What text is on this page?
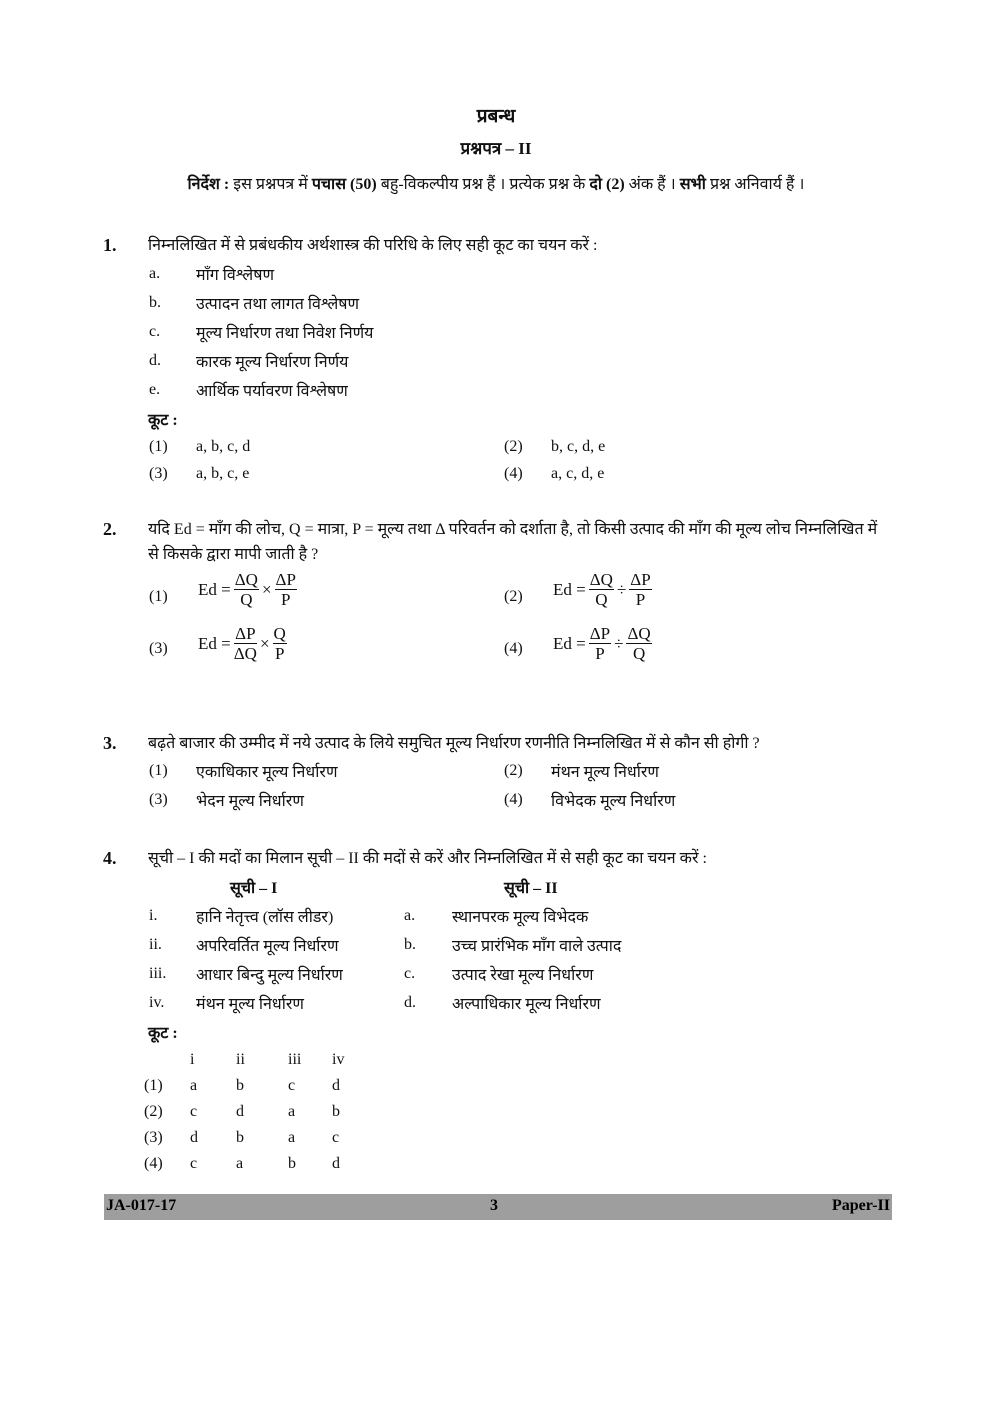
प्रबन्ध
प्रश्नपत्र – II
निर्देश : इस प्रश्नपत्र में पचास (50) बहु-विकल्पीय प्रश्न हैं । प्रत्येक प्रश्न के दो (2) अंक हैं । सभी प्रश्न अनिवार्य हैं ।
1. निम्नलिखित में से प्रबंधकीय अर्थशास्त्र की परिधि के लिए सही कूट का चयन करें :
a. माँग विश्लेषण
b. उत्पादन तथा लागत विश्लेषण
c. मूल्य निर्धारण तथा निवेश निर्णय
d. कारक मूल्य निर्धारण निर्णय
e. आर्थिक पर्यावरण विश्लेषण
कूट :
(1) a, b, c, d	(2) b, c, d, e
(3) a, b, c, e	(4) a, c, d, e
2. यदि Ed = माँग की लोच, Q = मात्रा, P = मूल्य तथा Δ परिवर्तन को दर्शाता है, तो किसी उत्पाद की माँग की मूल्य लोच निम्नलिखित में से किसके द्वारा मापी जाती है ?
(1) $Ed = \frac{\Delta Q}{Q} \times \frac{\Delta P}{P}$	(2) $Ed = \frac{\Delta Q}{Q} \div \frac{\Delta P}{P}$
(3) $Ed = \frac{\Delta P}{\Delta Q} \times \frac{Q}{P}$	(4) $Ed = \frac{\Delta P}{P} \div \frac{\Delta Q}{Q}$
3. बढ़ते बाजार की उम्मीद में नये उत्पाद के लिये समुचित मूल्य निर्धारण रणनीति निम्नलिखित में से कौन सी होगी ?
(1) एकाधिकार मूल्य निर्धारण	(2) मंथन मूल्य निर्धारण
(3) भेदन मूल्य निर्धारण	(4) विभेदक मूल्य निर्धारण
4. सूची – I की मदों का मिलान सूची – II की मदों से करें और निम्नलिखित में से सही कूट का चयन करें :
सूची – I	सूची – II
i. हानि नेतृत्त्व (लॉस लीडर)	a. स्थानपरक मूल्य विभेदक
ii. अपरिवर्तित मूल्य निर्धारण	b. उच्च प्रारंभिक माँग वाले उत्पाद
iii. आधार बिन्दु मूल्य निर्धारण	c. उत्पाद रेखा मूल्य निर्धारण
iv. मंथन मूल्य निर्धारण	d. अल्पाधिकार मूल्य निर्धारण
कूट :
	i	ii	iii	iv
(1)	a	b	c	d
(2)	c	d	a	b
(3)	d	b	a	c
(4)	c	a	b	d
JA-017-17	3	Paper-II
